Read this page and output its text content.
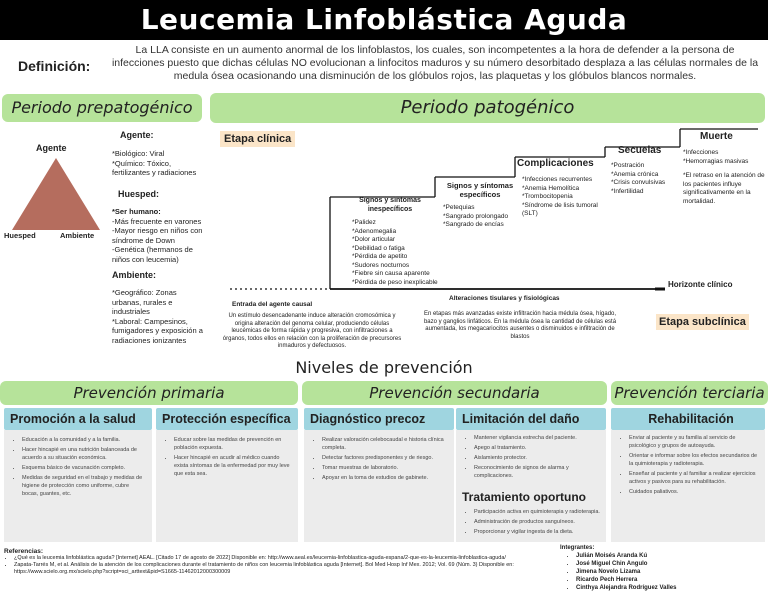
Leucemia Linfoblástica Aguda
Definición:
La LLA consiste en un aumento anormal de los linfoblastos, los cuales, son incompetentes a la hora de defender a la persona de infecciones puesto que dichas células NO evolucionan a linfocitos maduros y su número desorbitado desplaza a las células normales de la medula ósea ocasionando una disminución de los glóbulos rojos, las plaquetas y los glóbulos blancos normales.
Periodo prepatogénico
Agente
Huesped	Ambiente
Agente:
*Biológico: Viral
*Químico: Tóxico, fertilizantes y radiaciones
Huesped:
*Ser humano:
-Más frecuente en varones
-Mayor riesgo en niños con síndrome de Down
-Genética (hermanos de niños con leucemia)
Ambiente:
*Geográfico: Zonas urbanas, rurales e industriales
*Laboral: Campesinos, fumigadores y exposición a radiaciones ionizantes
Periodo patogénico
Etapa clínica
Signos y síntomas inespecíficos
*Palidez
*Adenomegalia
*Dolor articular
*Debilidad o fatiga
*Pérdida de apetito
*Sudores nocturnos
*Fiebre sin causa aparente
*Pérdida de peso inexplicable
Signos y síntomas específicos
*Petequias
*Sangrado prolongado
*Sangrado de encías
Complicaciones
*Infecciones recurrentes
*Anemia Hemolítica
*Trombocitopenia
*Síndrome de lisis tumoral (SLT)
Secuelas
*Postración
*Anemia crónica
*Crisis convulsivas
*Infertilidad
Muerte
*Infecciones
*Hemorragias masivas
*El retraso en la atención de los pacientes influye significativamente en la mortalidad.
Horizonte clínico
Entrada del agente causal
Un estímulo desencadenante induce alteración cromosómica y origina alteración del genoma celular, produciendo células leucémicas de forma rápida y progresiva, con infiltraciones a órganos, todos ellos en relación con la proliferación de precursores inmaduros y defectuosos.
Alteraciones tisulares y fisiológicas
En etapas más avanzadas existe infiltración hacia médula ósea, hígado, bazo y ganglios linfáticos. En la médula ósea la cantidad de células está aumentada, los megacariocitos ausentes o disminuidos e infiltración de blastos
Etapa subclínica
Niveles de prevención
Prevención primaria	Prevención secundaria	Prevención terciaria
Promoción a la salud	Protección específica	Diagnóstico precoz	Limitación del daño	Rehabilitación
• Educación a la comunidad y a la familia.
• Hacer hincapié en una nutrición balanceada de acuerdo a su situación económica.
• Esquema básico de vacunación completo.
• Medidas de seguridad en el trabajo y medidas de higiene de protección como uniforme, cubre bocas, guantes, etc.
• Educar sobre las medidas de prevención en población expuesta.
• Hacer hincapié en acudir al médico cuando exista síntomas de la enfermedad por muy leve que esta sea.
• Realizar valoración celebocaudal e historia clínica completa.
• Detectar factores predisponentes y de riesgo.
• Tomar muestras de laboratorio.
• Apoyar en la toma de estudios de gabinete.
• Mantener vigilancia estrecha del paciente.
• Apego al tratamiento.
• Aislamiento protector.
• Reconocimiento de signos de alarma y complicaciones.
Tratamiento oportuno
• Participación activa en quimioterapia y radioterapia.
• Administración de productos sanguíneos.
• Proporcionar y vigilar ingesta de la dieta.
• Enviar al paciente y su familia al servicio de psicológico y grupos de autoayuda.
• Orientar e informar sobre los efectos secundarios de la quimioterapia y radioterapia.
• Enseñar al paciente y al familiar a realizar ejercicios activos y pasivos para su rehabilitación.
• Cuidados paliativos.
Referencias:
• ¿Qué es la leucemia linfoblástica aguda? [Internet] AEAL. [Citado 17 de agosto de 2022] Disponible en: http://www.aeal.es/leucemia-linfoblastica-aguda-espana/2-que-es-la-leucemia-linfoblastica-aguda/
• Zapata-Tarrés M, et al. Análisis de la atención de los complicaciones durante el tratamiento de niños con leucemia linfoblástica aguda [Internet]. Bol Med Hosp Inf Mex. 2012; Vol. 69 (Núm. 3) Disponible en: https://www.scielo.org.mx/scielo.php?script=sci_arttext&pid=S1665-11462012000300009
Integrantes:
• Julián Moisés Aranda Kú
• José Miguel Chin Angulo
• Jimena Novelo Lizama
• Ricardo Pech Herrera
• Cinthya Alejandra Rodríguez Valles
